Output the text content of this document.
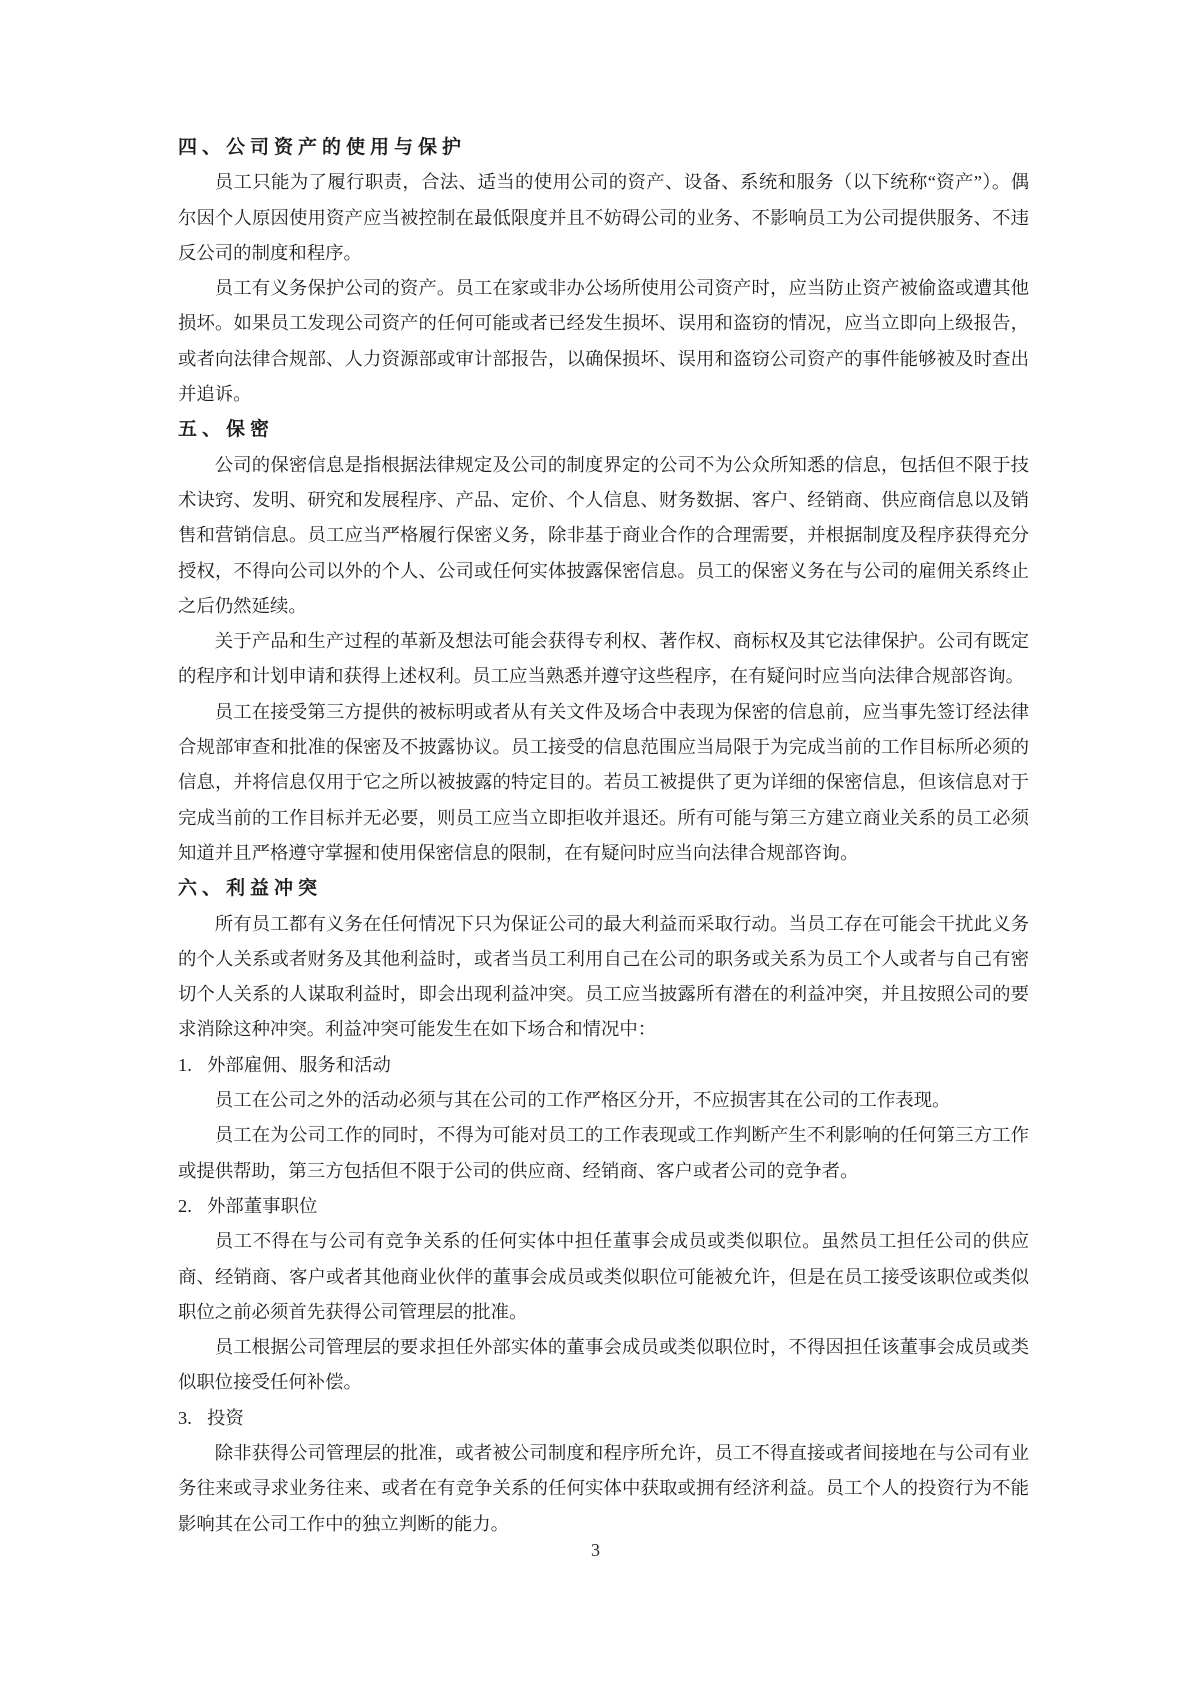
四、公司资产的使用与保护

员工只能为了履行职责，合法、适当的使用公司的资产、设备、系统和服务（以下统称“资产”）。偶尔因个人原因使用资产应当被控制在最低限度并且不妨碍公司的业务、不影响员工为公司提供服务、不违反公司的制度和程序。

员工有义务保护公司的资产。员工在家或非办公场所使用公司资产时，应当防止资产被偷盗或遭其他损坏。如果员工发现公司资产的任何可能或者已经发生损坏、误用和盗窃的情况，应当立即向上级报告，或者向法律合规部、人力资源部或审计部报告，以确保损坏、误用和盗窃公司资产的事件能够被及时查出并追诉。

五、保密

公司的保密信息是指根据法律规定及公司的制度界定的公司不为公众所知悉的信息，包括但不限于技术诀窍、发明、研究和发展程序、产品、定价、个人信息、财务数据、客户、经销商、供应商信息以及销售和营销信息。员工应当严格履行保密义务，除非基于商业合作的合理需要，并根据制度及程序获得充分授权，不得向公司以外的个人、公司或任何实体披露保密信息。员工的保密义务在与公司的雇佣关系终止之后仍然延续。

关于产品和生产过程的革新及想法可能会获得专利权、著作权、商标权及其它法律保护。公司有既定的程序和计划申请和获得上述权利。员工应当熟悉并遵守这些程序，在有疑问时应当向法律合规部咨询。

员工在接受第三方提供的被标明或者从有关文件及场合中表现为保密的信息前，应当事先签订经法律合规部审查和批准的保密及不披露协议。员工接受的信息范围应当局限于为完成当前的工作目标所必须的信息，并将信息仅用于它之所以被披露的特定目的。若员工被提供了更为详细的保密信息，但该信息对于完成当前的工作目标并无必要，则员工应当立即拒收并退还。所有可能与第三方建立商业关系的员工必须知道并且严格遵守掌握和使用保密信息的限制，在有疑问时应当向法律合规部咨询。

六、利益冲突

所有员工都有义务在任何情况下只为保证公司的最大利益而采取行动。当员工存在可能会干扰此义务的个人关系或者财务及其他利益时，或者当员工利用自己在公司的职务或关系为员工个人或者与自己有密切个人关系的人谋取利益时，即会出现利益冲突。员工应当披露所有潜在的利益冲突，并且按照公司的要求消除这种冲突。利益冲突可能发生在如下场合和情况中：

1. 外部雇佣、服务和活动

员工在公司之外的活动必须与其在公司的工作严格区分开，不应损害其在公司的工作表现。

员工在为公司工作的同时，不得为可能对员工的工作表现或工作判断产生不利影响的任何第三方工作或提供帮助，第三方包括但不限于公司的供应商、经销商、客户或者公司的竞争者。

2. 外部董事职位

员工不得在与公司有竞争关系的任何实体中担任董事会成员或类似职位。虽然员工担任公司的供应商、经销商、客户或者其他商业伙伴的董事会成员或类似职位可能被允许，但是在员工接受该职位或类似职位之前必须首先获得公司管理层的批准。

员工根据公司管理层的要求担任外部实体的董事会成员或类似职位时，不得因担任该董事会成员或类似职位接受任何补偿。

3. 投资

除非获得公司管理层的批准，或者被公司制度和程序所允许，员工不得直接或者间接地在与公司有业务往来或寻求业务往来、或者在有竞争关系的任何实体中获取或拥有经济利益。员工个人的投资行为不能影响其在公司工作中的独立判断的能力。

3
